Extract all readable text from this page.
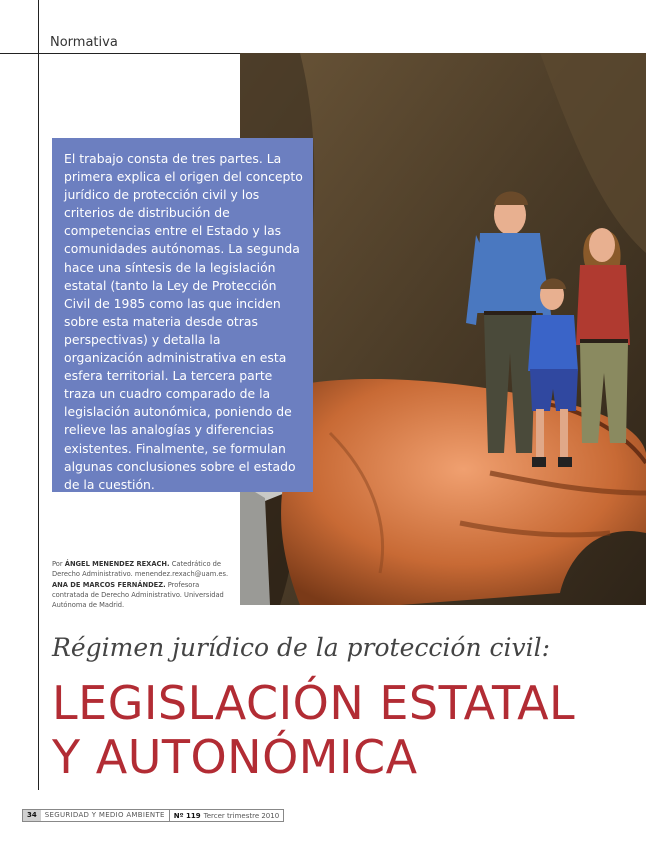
Normativa

El trabajo consta de tres partes. La primera explica el origen del concepto jurídico de protección civil y los criterios de distribución de competencias entre el Estado y las comunidades autónomas. La segunda hace una síntesis de la legislación estatal (tanto la Ley de Protección Civil de 1985 como las que inciden sobre esta materia desde otras perspectivas) y detalla la organización administrativa en esta esfera territorial. La tercera parte traza un cuadro comparado de la legislación autonómica, poniendo de relieve las analogías y diferencias existentes. Finalmente, se formulan algunas conclusiones sobre el estado de la cuestión.

Por ÁNGEL MENENDEZ REXACH. Catedrático de Derecho Administrativo. menendez.rexach@uam.es. ANA DE MARCOS FERNÁNDEZ. Profesora contratada de Derecho Administrativo. Universidad Autónoma de Madrid.
Régimen jurídico de la protección civil:
LEGISLACIÓN ESTATAL
Y AUTONÓMICA
34	SEGURIDAD Y MEDIO AMBIENTE	Nº 119 Tercer trimestre 2010
